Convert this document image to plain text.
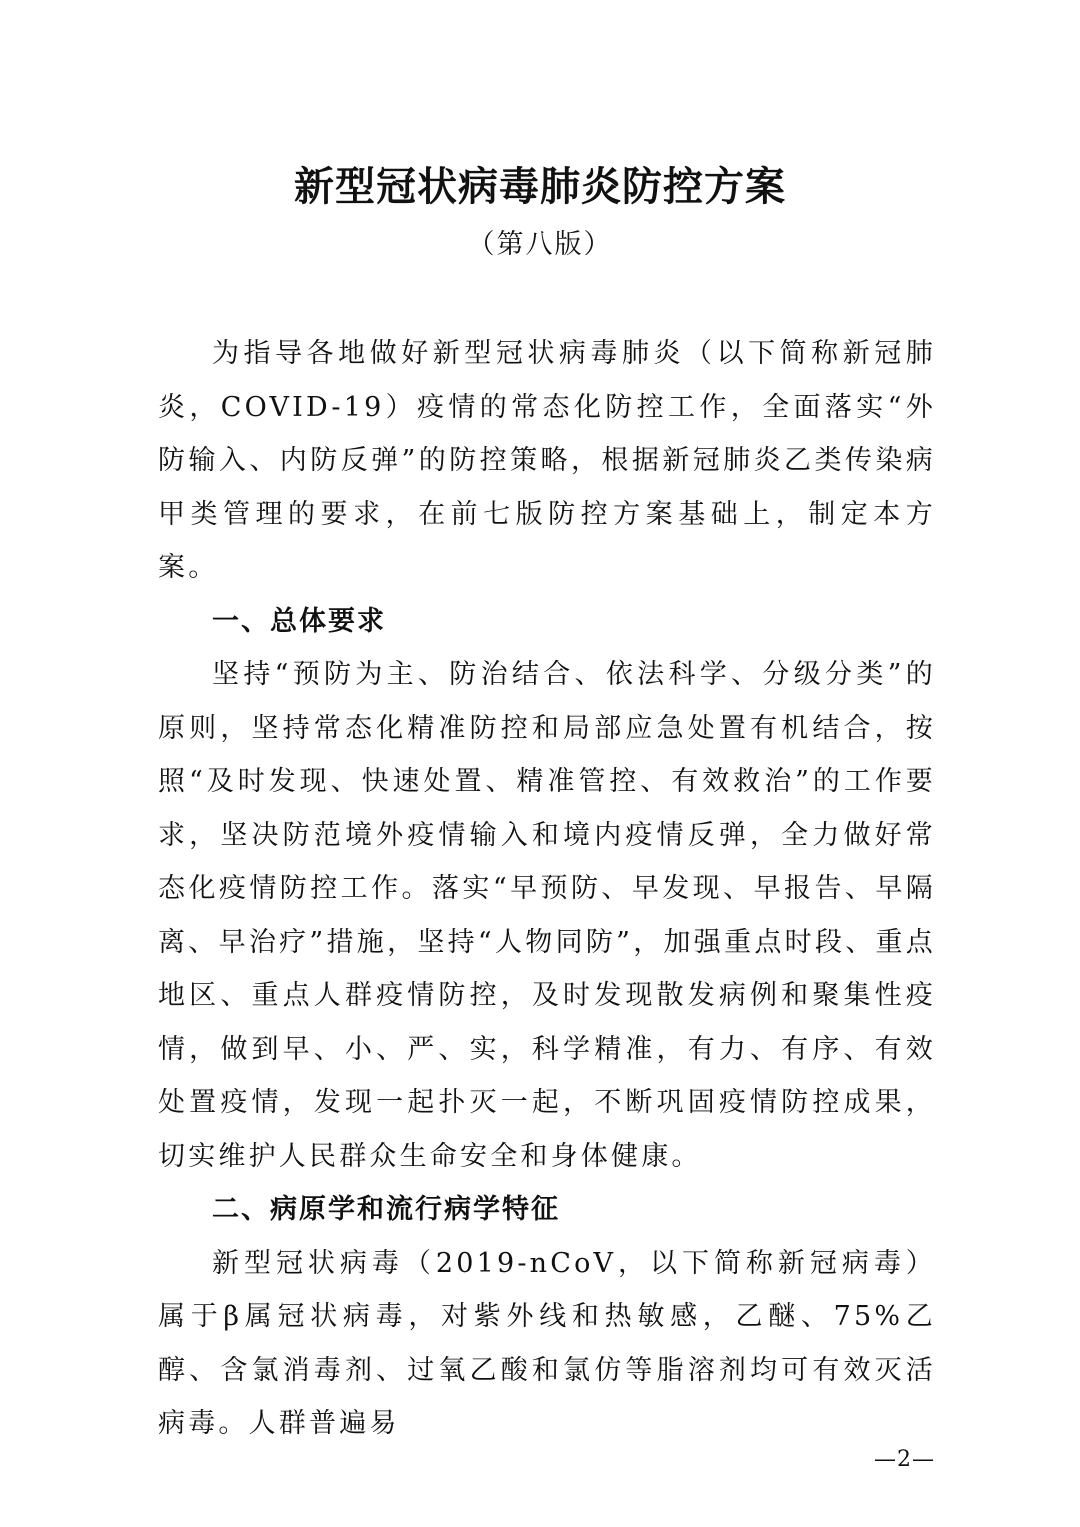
新型冠状病毒肺炎防控方案
（第八版）

为指导各地做好新型冠状病毒肺炎（以下简称新冠肺炎，COVID-19）疫情的常态化防控工作，全面落实“外防输入、内防反弹”的防控策略，根据新冠肺炎乙类传染病甲类管理的要求，在前七版防控方案基础上，制定本方案。

一、总体要求

坚持“预防为主、防治结合、依法科学、分级分类”的原则，坚持常态化精准防控和局部应急处置有机结合，按照“及时发现、快速处置、精准管控、有效救治”的工作要求，坚决防范境外疫情输入和境内疫情反弹，全力做好常态化疫情防控工作。落实“早预防、早发现、早报告、早隔离、早治疗”措施，坚持“人物同防”，加强重点时段、重点地区、重点人群疫情防控，及时发现散发病例和聚集性疫情，做到早、小、严、实，科学精准，有力、有序、有效处置疫情，发现一起扑灭一起，不断巩固疫情防控成果，切实维护人民群众生命安全和身体健康。

二、病原学和流行病学特征

新型冠状病毒（2019-nCoV，以下简称新冠病毒）属于β属冠状病毒，对紫外线和热敏感，乙醚、75%乙醇、含氯消毒剂、过氧乙酸和氯仿等脂溶剂均可有效灭活病毒。人群普遍易

—2—
